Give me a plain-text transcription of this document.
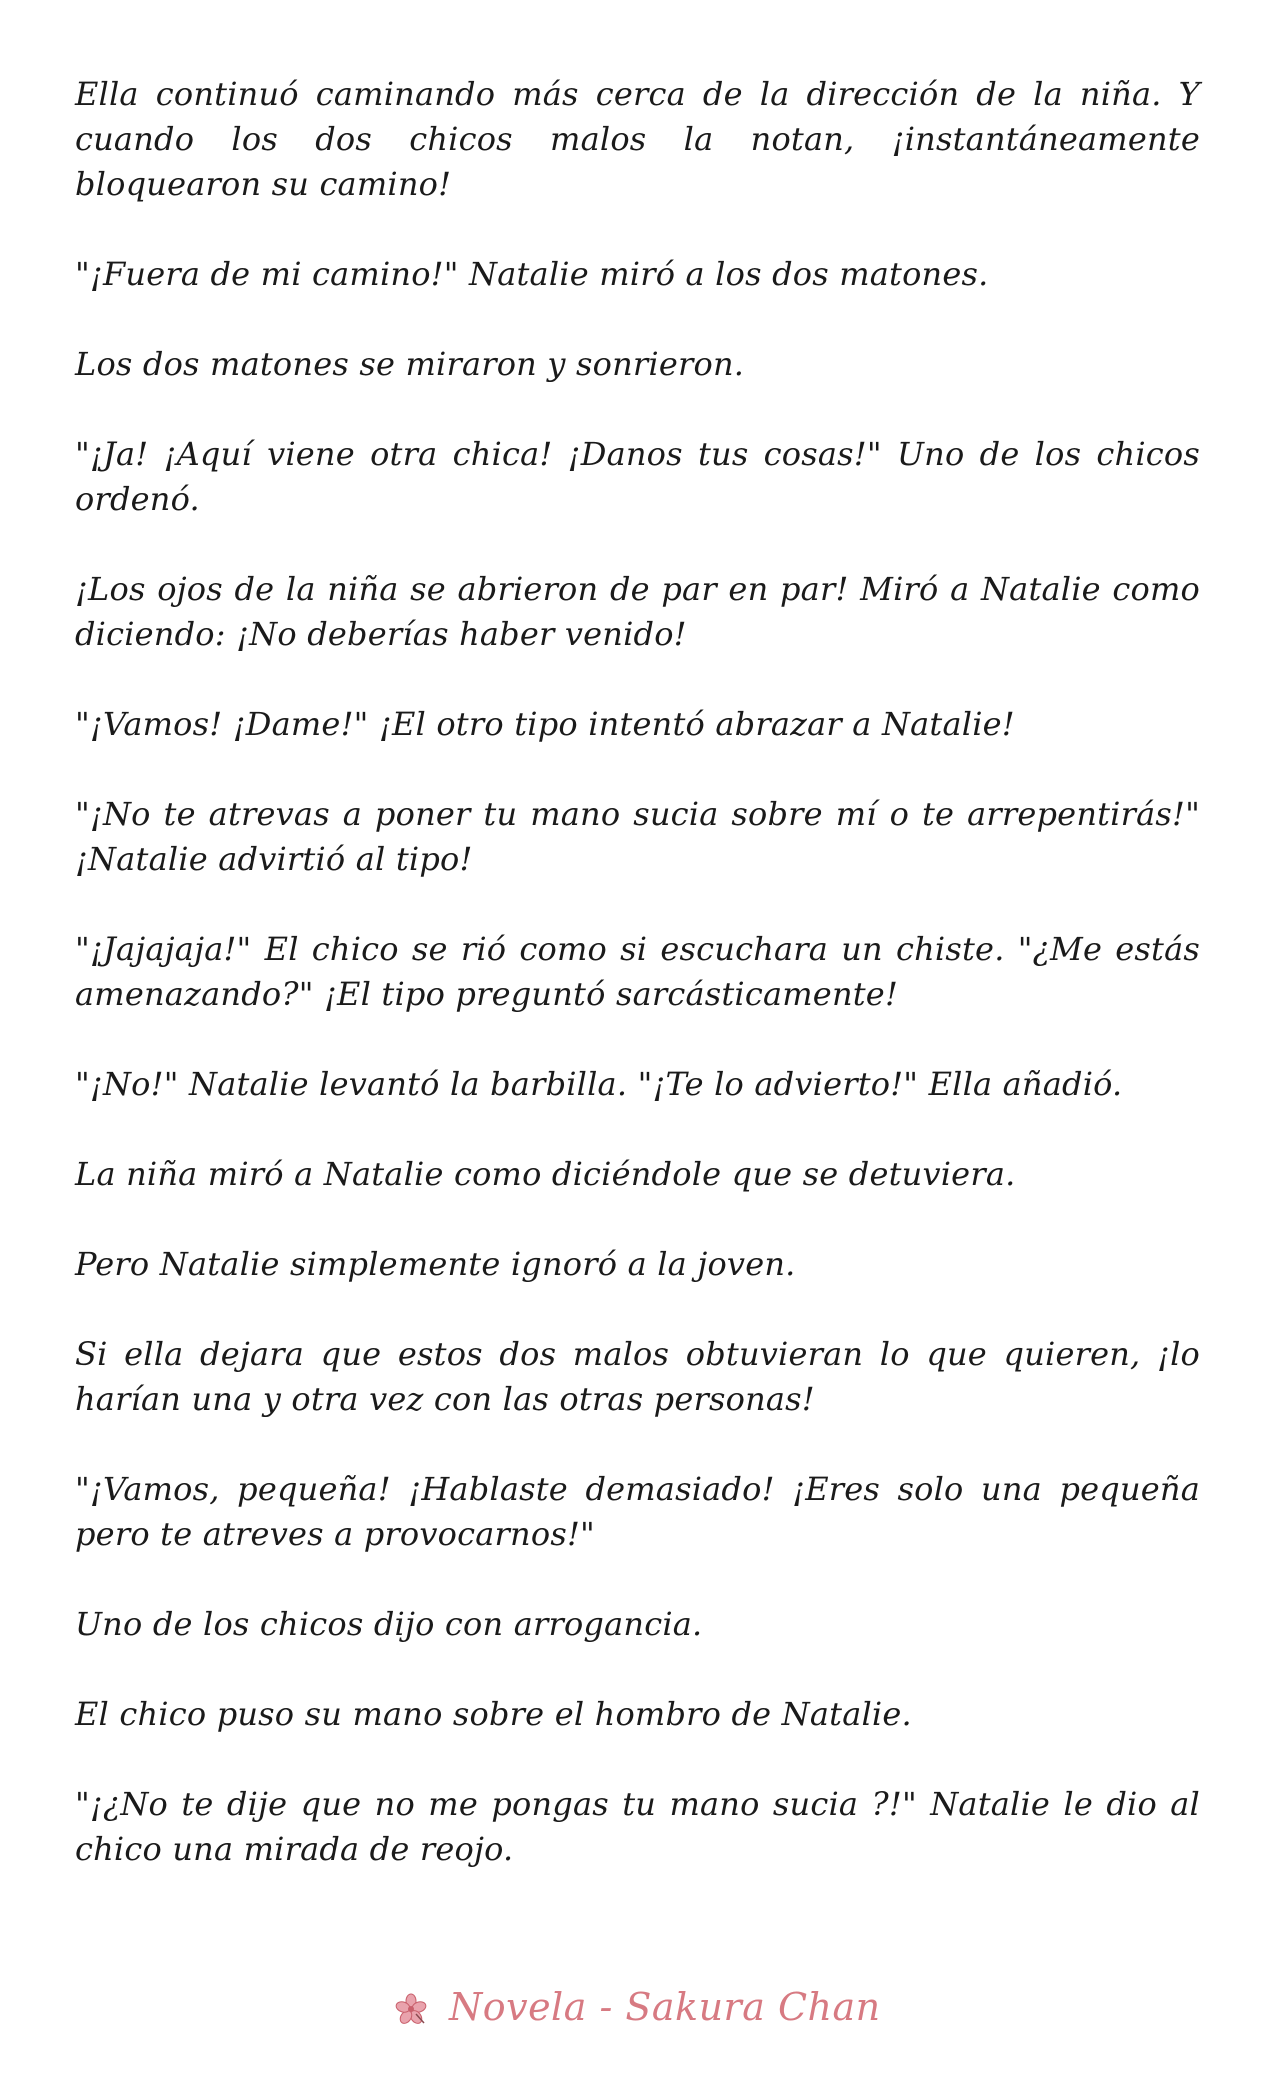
Ella continuó caminando más cerca de la dirección de la niña. Y cuando los dos chicos malos la notan, ¡instantáneamente bloquearon su camino!

"¡Fuera de mi camino!" Natalie miró a los dos matones.

Los dos matones se miraron y sonrieron.

"¡Ja! ¡Aquí viene otra chica! ¡Danos tus cosas!" Uno de los chicos ordenó.

¡Los ojos de la niña se abrieron de par en par! Miró a Natalie como diciendo: ¡No deberías haber venido!

"¡Vamos! ¡Dame!" ¡El otro tipo intentó abrazar a Natalie!

"¡No te atrevas a poner tu mano sucia sobre mí o te arrepentirás!" ¡Natalie advirtió al tipo!

"¡Jajajaja!" El chico se rió como si escuchara un chiste. "¿Me estás amenazando?" ¡El tipo preguntó sarcásticamente!

"¡No!" Natalie levantó la barbilla. "¡Te lo advierto!" Ella añadió.

La niña miró a Natalie como diciéndole que se detuviera.

Pero Natalie simplemente ignoró a la joven.

Si ella dejara que estos dos malos obtuvieran lo que quieren, ¡lo harían una y otra vez con las otras personas!

"¡Vamos, pequeña! ¡Hablaste demasiado! ¡Eres solo una pequeña pero te atreves a provocarnos!"

Uno de los chicos dijo con arrogancia.

El chico puso su mano sobre el hombro de Natalie.

"¡¿No te dije que no me pongas tu mano sucia ?!" Natalie le dio al chico una mirada de reojo.

Novela - Sakura Chan
